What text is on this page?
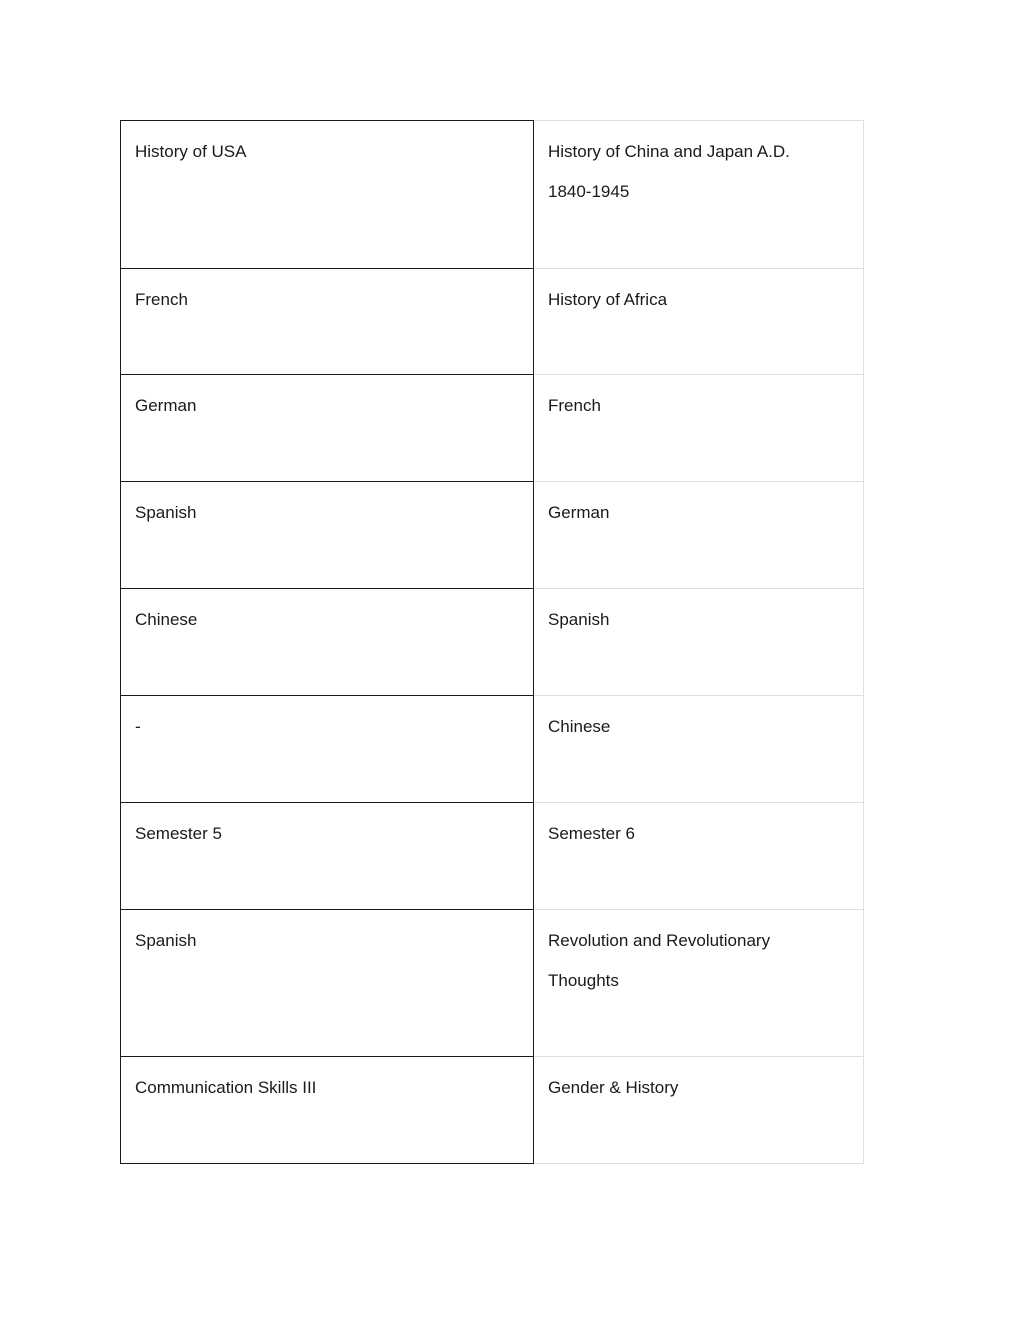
History of USA	History of China and Japan A.D.
1840-1945

French	History of Africa

German	French

Spanish	German

Chinese	Spanish

-	Chinese

Semester 5	Semester 6

Spanish	Revolution and Revolutionary
Thoughts

Communication Skills III	Gender & History
